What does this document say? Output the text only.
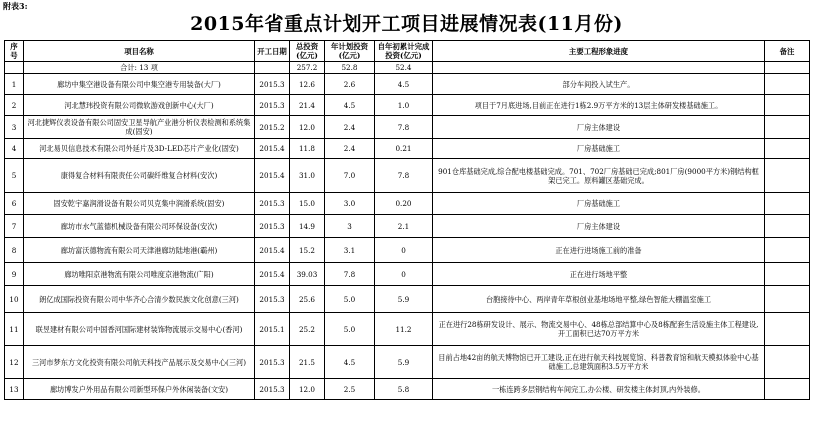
附表3:
2015年省重点计划开工项目进展情况表(11月份)
序号	项目名称	开工日期	总投资(亿元)	年计划投资(亿元)	自年初累计完成投资(亿元)	主要工程形象进度	备注
	合计: 13 项		257.2	52.8	52.4		
1	廊坊中集空港设备有限公司中集空港专用装备(大厂)	2015.3	12.6	2.6	4.5	部分车间投入试生产。	
2	河北慧玮投资有限公司微软游戏创新中心(大厂)	2015.3	21.4	4.5	1.0	项目于7月底进场,目前正在进行1栋2.9万平方米的13层主体研发楼基础施工。	
3	河北捷辉仪表设备有限公司固安卫星导航产业港分析仪表检测和系统集成(固安)	2015.2	12.0	2.4	7.8	厂房主体建设	
4	河北易贝信息技术有限公司外延片及3D-LED芯片产业化(固安)	2015.4	11.8	2.4	0.21	厂房基础施工	
5	康得复合材料有限责任公司碳纤维复合材料(安次)	2015.4	31.0	7.0	7.8	901仓库基础完成,综合配电楼基础完成。701、702厂房基础已完成;801厂房(9000平方米)钢结构框架已完工。原料罐区基础完成。	
6	固安乾宇嘉润滑设备有限公司贝克集中润滑系统(固安)	2015.3	15.0	3.0	0.20	厂房基础施工	
7	廊坊市水气蓝德机械设备有限公司环保设备(安次)	2015.3	14.9	3	2.1	厂房主体建设	
8	廊坊富沃德物流有限公司天津港廊坊陆地港(霸州)	2015.4	15.2	3.1	0	正在进行进场施工前的准备	
9	廊坊唯阳京港物流有限公司唯度京港物流(广阳)	2015.4	39.03	7.8	0	正在进行场地平整	
10	朗亿成国际投资有限公司中华齐心合清少数民族文化创意(三河)	2015.3	25.6	5.0	5.9	台胞接待中心、两岸青年草根创业基地场地平整,绿色智能大棚温室施工	
11	联昱建材有限公司中国香河国际建材装饰物流展示交易中心(香河)	2015.1	25.2	5.0	11.2	正在进行28栋研发设计、展示、物流交易中心、48栋总部结算中心及8栋配套生活设施主体工程建设,开工面积已达70万平方米	
12	三河市梦东方文化投资有限公司航天科技产品展示及交易中心(三河)	2015.3	21.5	4.5	5.9	目前占地42亩的航天博物馆已开工建设,正在进行航天科技展览馆、科普教育馆和航天模拟体验中心基础施工,总建筑面积3.5万平方米	
13	廊坊博发户外用品有限公司新型环保户外休闲装备(文安)	2015.3	12.0	2.5	5.8	一栋连跨多层钢结构车间完工,办公楼、研发楼主体封顶,内外装修。	
